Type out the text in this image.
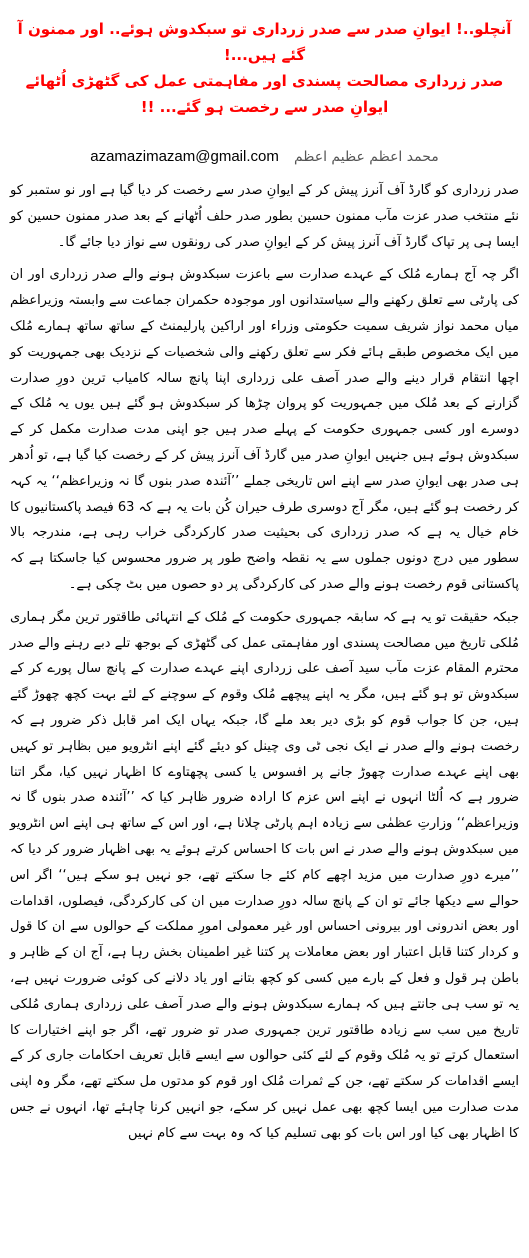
آنچلو..! ایوانِ صدر سے صدر زرداری تو سبکدوش ہوئے.. اور ممنون آ گئے ہیں...!
صدر زرداری مصالحت پسندی اور مفاہمتی عمل کی گٹھڑی اُٹھائے ایوانِ صدر سے رخصت ہو گئے... !!
azamazimazam@gmail.com محمد اعظم عظیم اعظم

صدر زرداری کو گارڈ آف آنرز پیش کر کے ایوانِ صدر سے رخصت کر دیا گیا ہے اور نو ستمبر کو نئے منتخب صدر عزت مآب ممنون حسین بطور صدر حلف اُٹھانے کے بعد صدر ممنون حسین کو ایسا ہی پر تپاک گارڈ آف آنرز پیش کر کے ایوانِ صدر کی رونقوں سے نواز دیا جائے گا۔

اگر چہ آج ہمارے مُلک کے عہدے صدارت سے باعزت سبکدوش ہونے والے صدر زرداری اور ان کی پارٹی سے تعلق رکھنے والے سیاستدانوں اور موجودہ حکمران جماعت سے وابستہ وزیراعظم میاں محمد نواز شریف سمیت حکومتی وزراء اور اراکین پارلیمنٹ کے ساتھ ساتھ ہمارے مُلک میں ایک مخصوص طبقے ہائے فکر سے تعلق رکھنے والی شخصیات کے نزدیک بھی جمہوریت کو اچھا انتقام قرار دینے والے صدر آصف علی زرداری اپنا پانچ سالہ کامیاب ترین دورِ صدارت گزارنے کے بعد مُلک میں جمہوریت کو پروان چڑھا کر سبکدوش ہو گئے ہیں یوں یہ مُلک کے دوسرے اور کسی جمہوری حکومت کے پہلے صدر ہیں جو اپنی مدت صدارت مکمل کر کے سبکدوش ہوئے ہیں جنہیں ایوانِ صدر میں گارڈ آف آنرز پیش کر کے رخصت کیا گیا ہے، تو اُدھر ہی صدر بھی ایوانِ صدر سے اپنے اس تاریخی جملے ’’آئندہ صدر بنوں گا نہ وزیراعظم‘‘ یہ کہہ کر رخصت ہو گئے ہیں، مگر آج دوسری طرف حیران کُن بات یہ ہے کہ 63 فیصد پاکستانیوں کا خام خیال یہ ہے کہ صدر زرداری کی بحیثیت صدر کارکردگی خراب رہی ہے، مندرجہ بالا سطور میں درج دونوں جملوں سے یہ نقطہ واضح طور پر ضرور محسوس کیا جاسکتا ہے کہ پاکستانی قوم رخصت ہونے والے صدر کی کارکردگی پر دو حصوں میں بٹ چکی ہے۔

جبکہ حقیقت تو یہ ہے کہ سابقہ جمہوری حکومت کے مُلک کے انتہائی طاقتور ترین مگر ہماری مُلکی تاریخ میں مصالحت پسندی اور مفاہمتی عمل کی گٹھڑی کے بوجھ تلے دبے رہنے والے صدر محترم المقام عزت مآب سید آصف علی زرداری اپنے عہدے صدارت کے پانچ سال پورے کر کے سبکدوش تو ہو گئے ہیں، مگر یہ اپنے پیچھے مُلک وقوم کے سوچنے کے لئے بہت کچھ چھوڑ گئے ہیں، جن کا جواب قوم کو بڑی دیر بعد ملے گا، جبکہ یہاں ایک امر قابل ذکر ضرور ہے کہ رخصت ہونے والے صدر نے ایک نجی ٹی وی چینل کو دیئے گئے اپنے انٹرویو میں بظاہر تو کہیں بھی اپنے عہدے صدارت چھوڑ جانے پر افسوس یا کسی پچھتاوے کا اظہار نہیں کیا، مگر اتنا ضرور ہے کہ اُلٹا انہوں نے اپنے اس عزم کا ارادہ ضرور ظاہر کیا کہ ’’آئندہ صدر بنوں گا نہ وزیراعظم‘‘ وزارتِ عظمٰی سے زیادہ اہم پارٹی چلانا ہے، اور اس کے ساتھ ہی اپنے اس انٹرویو میں سبکدوش ہونے والے صدر نے اس بات کا احساس کرتے ہوئے یہ بھی اظہار ضرور کر دیا کہ ’’میرے دورِ صدارت میں مزید اچھے کام کئے جا سکتے تھے، جو نہیں ہو سکے ہیں‘‘ اگر اس حوالے سے دیکھا جائے تو ان کے پانچ سالہ دورِ صدارت میں ان کی کارکردگی، فیصلوں، اقدامات اور بعض اندرونی اور بیرونی احساس اور غیر معمولی امورِ مملکت کے حوالوں سے ان کا قول و کردار کتنا قابل اعتبار اور بعض معاملات پر کتنا غیر اطمینان بخش رہا ہے، آج ان کے ظاہر و باطن ہر قول و فعل کے بارے میں کسی کو کچھ بتانے اور یاد دلانے کی کوئی ضرورت نہیں ہے، یہ تو سب ہی جانتے ہیں کہ ہمارے سبکدوش ہونے والے صدر آصف علی زرداری ہماری مُلکی تاریخ میں سب سے زیادہ طاقتور ترین جمہوری صدر تو ضرور تھے، اگر جو اپنے اختیارات کا استعمال کرتے تو یہ مُلک وقوم کے لئے کئی حوالوں سے ایسے قابل تعریف احکامات جاری کر کے ایسے اقدامات کر سکتے تھے، جن کے ثمرات مُلک اور قوم کو مدتوں مل سکتے تھے، مگر وہ اپنی مدت صدارت میں ایسا کچھ بھی عمل نہیں کر سکے، جو انہیں کرنا چاہئے تھا، انہوں نے جس کا اظہار بھی کیا اور اس بات کو بھی تسلیم کیا کہ وہ بہت سے کام نہیں
